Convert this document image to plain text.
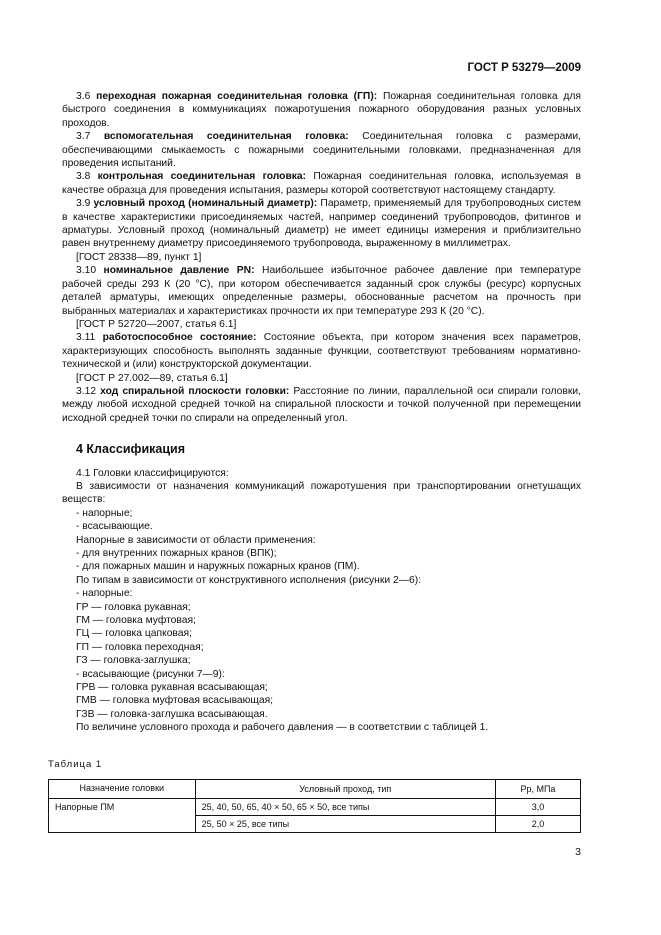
ГОСТ Р 53279—2009

3.6 переходная пожарная соединительная головка (ГП): Пожарная соединительная головка для быстрого соединения в коммуникациях пожаротушения пожарного оборудования разных условных проходов.

3.7 вспомогательная соединительная головка: Соединительная головка с размерами, обеспечивающими смыкаемость с пожарными соединительными головками, предназначенная для проведения испытаний.

3.8 контрольная соединительная головка: Пожарная соединительная головка, используемая в качестве образца для проведения испытания, размеры которой соответствуют настоящему стандарту.

3.9 условный проход (номинальный диаметр): Параметр, применяемый для трубопроводных систем в качестве характеристики присоединяемых частей, например соединений трубопроводов, фитингов и арматуры. Условный проход (номинальный диаметр) не имеет единицы измерения и приблизительно равен внутреннему диаметру присоединяемого трубопровода, выраженному в миллиметрах.

[ГОСТ 28338—89, пункт 1]

3.10 номинальное давление PN: Наибольшее избыточное рабочее давление при температуре рабочей среды 293 К (20 °С), при котором обеспечивается заданный срок службы (ресурс) корпусных деталей арматуры, имеющих определенные размеры, обоснованные расчетом на прочность при выбранных материалах и характеристиках прочности их при температуре 293 К (20 °С).

[ГОСТ Р 52720—2007, статья 6.1]

3.11 работоспособное состояние: Состояние объекта, при котором значения всех параметров, характеризующих способность выполнять заданные функции, соответствуют требованиям нормативно-технической и (или) конструкторской документации.

[ГОСТ Р 27.002—89, статья 6.1]

3.12 ход спиральной плоскости головки: Расстояние по линии, параллельной оси спирали головки, между любой исходной средней точкой на спиральной плоскости и точкой полученной при перемещении исходной средней точки по спирали на определенный угол.

4 Классификация

4.1 Головки классифицируются:

В зависимости от назначения коммуникаций пожаротушения при транспортировании огнетушащих веществ:

- напорные;

- всасывающие.

Напорные в зависимости от области применения:

- для внутренних пожарных кранов (ВПК);

- для пожарных машин и наружных пожарных кранов (ПМ).

По типам в зависимости от конструктивного исполнения (рисунки 2—6):

- напорные:

ГР — головка рукавная;

ГМ — головка муфтовая;

ГЦ — головка цапковая;

ГП — головка переходная;

ГЗ — головка-заглушка;

- всасывающие (рисунки 7—9):

ГРВ — головка рукавная всасывающая;

ГМВ — головка муфтовая всасывающая;

ГЗВ — головка-заглушка всасывающая.

По величине условного прохода и рабочего давления — в соответствии с таблицей 1.

Таблица 1
Назначение головки	Условный проход, тип	Pр, МПа
Напорные ПМ	25, 40, 50, 65, 40 × 50, 65 × 50, все типы	3,0
	25, 50 × 25, все типы	2,0
3
